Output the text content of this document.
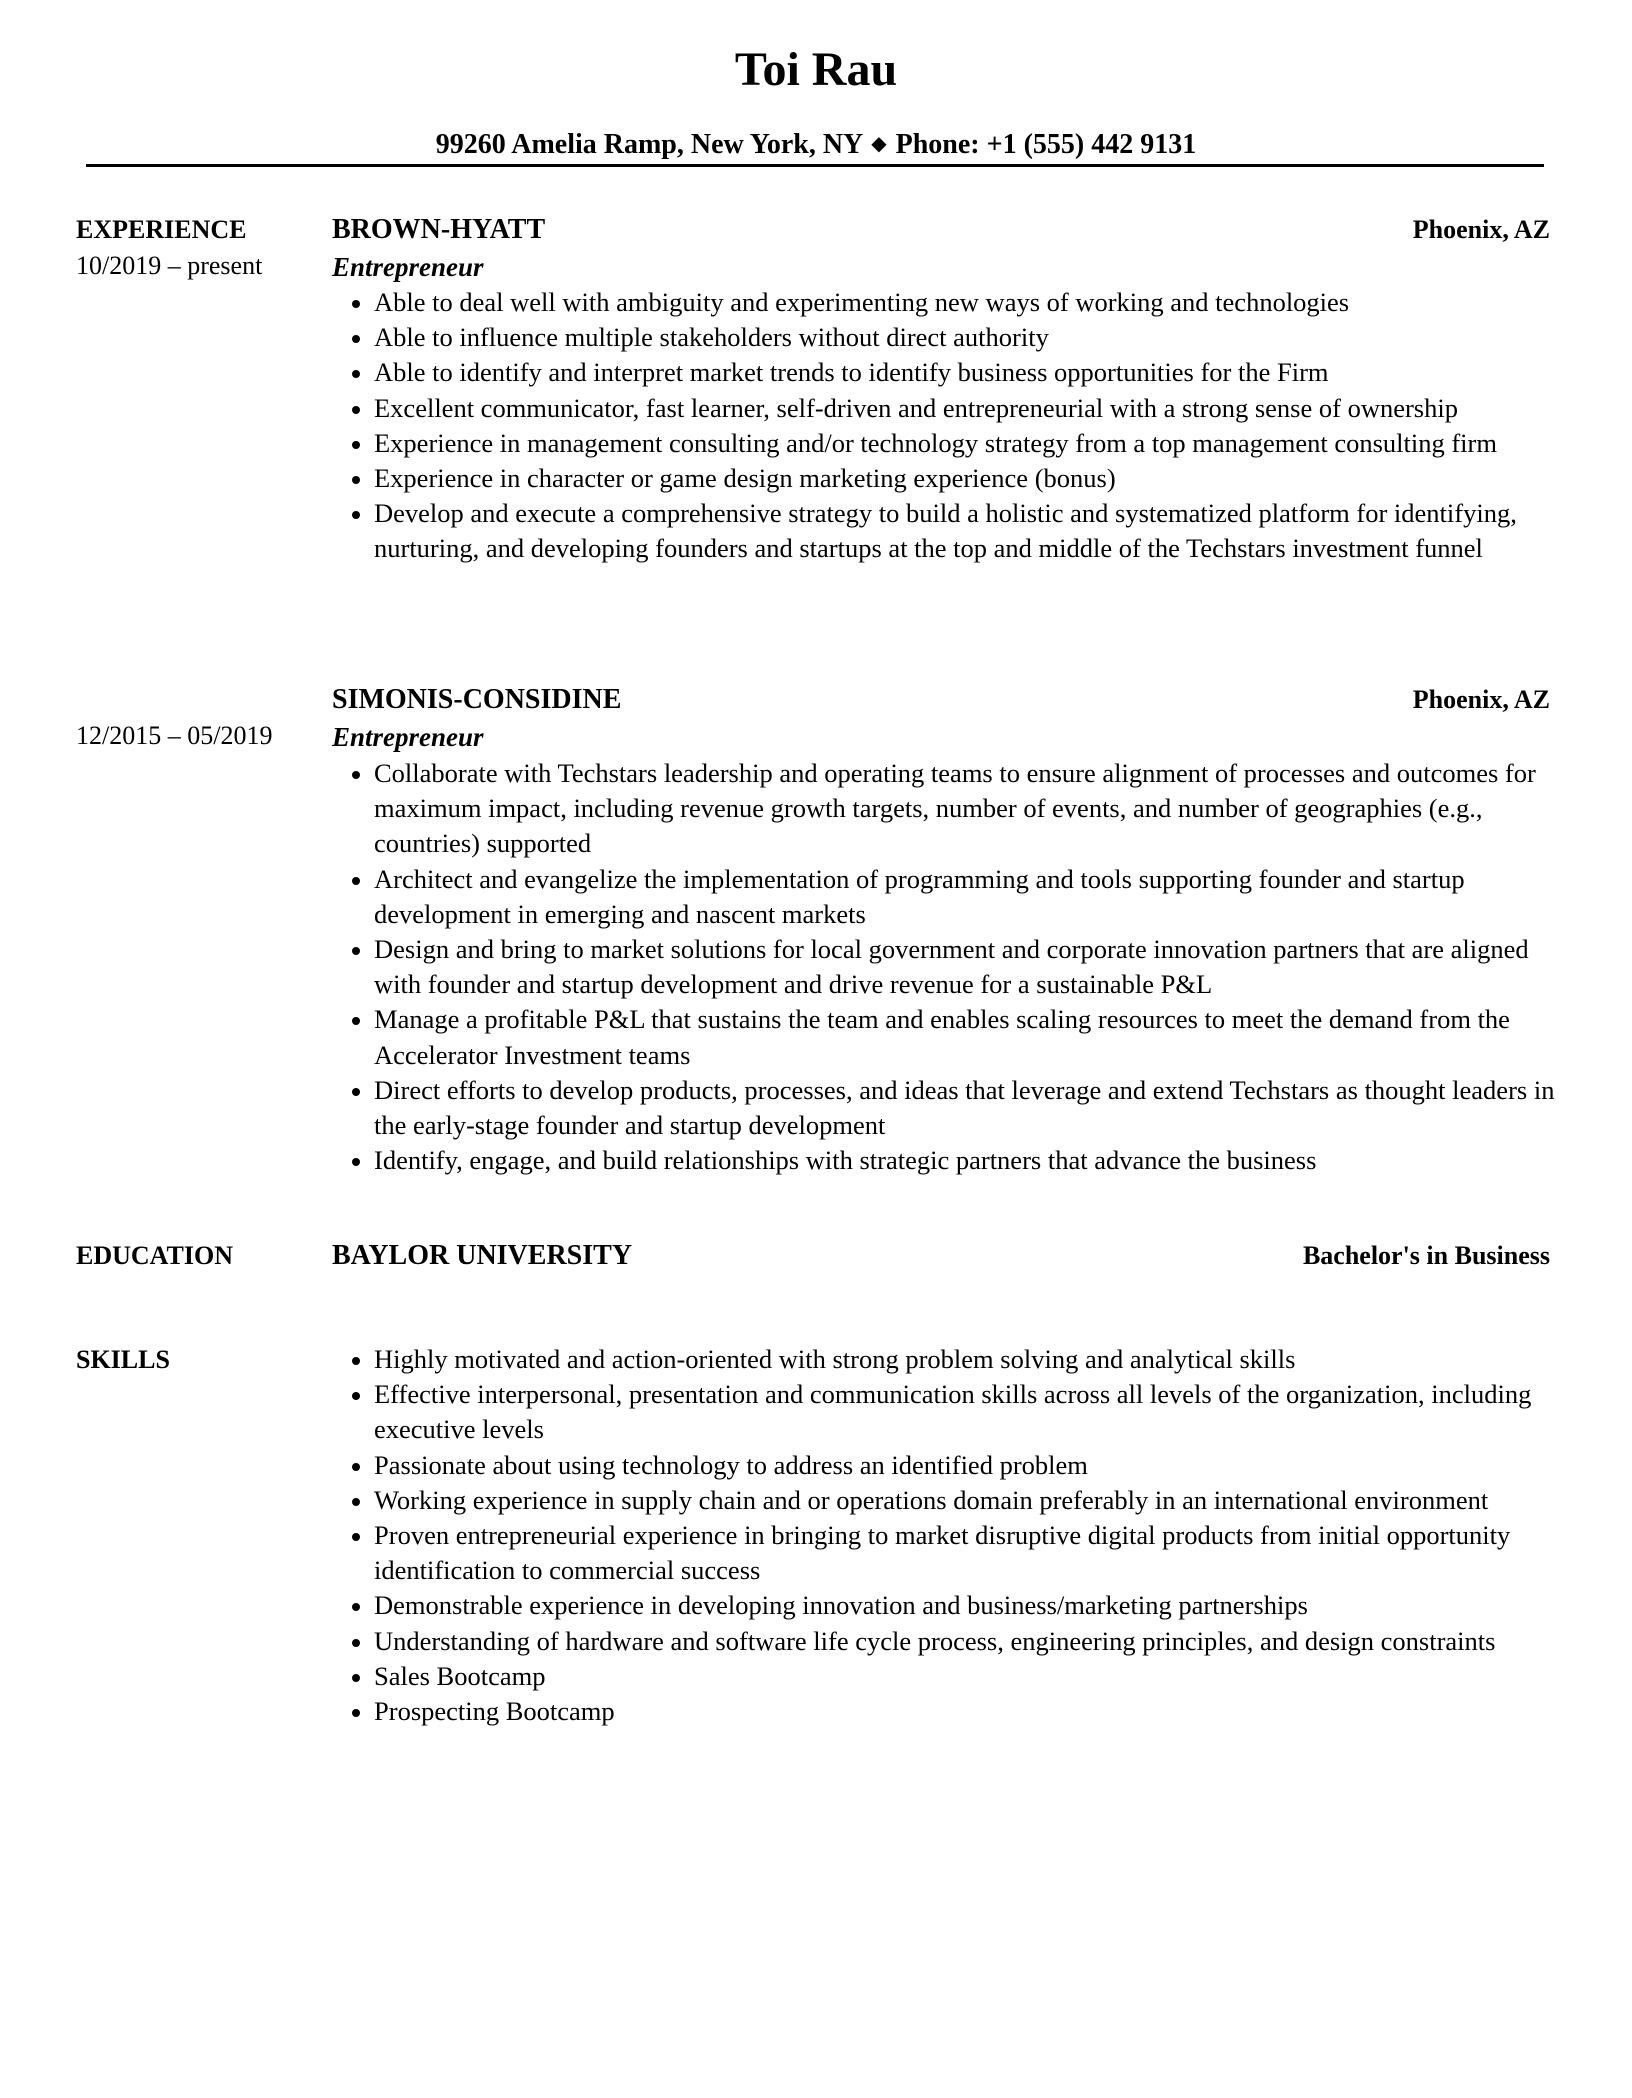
Toi Rau
99260 Amelia Ramp, New York, NY ◆ Phone: +1 (555) 442 9131
EXPERIENCE
10/2019 – present
BROWN-HYATT	Phoenix, AZ
Entrepreneur
Able to deal well with ambiguity and experimenting new ways of working and technologies
Able to influence multiple stakeholders without direct authority
Able to identify and interpret market trends to identify business opportunities for the Firm
Excellent communicator, fast learner, self-driven and entrepreneurial with a strong sense of ownership
Experience in management consulting and/or technology strategy from a top management consulting firm
Experience in character or game design marketing experience (bonus)
Develop and execute a comprehensive strategy to build a holistic and systematized platform for identifying, nurturing, and developing founders and startups at the top and middle of the Techstars investment funnel
12/2015 – 05/2019
SIMONIS-CONSIDINE	Phoenix, AZ
Entrepreneur
Collaborate with Techstars leadership and operating teams to ensure alignment of processes and outcomes for maximum impact, including revenue growth targets, number of events, and number of geographies (e.g., countries) supported
Architect and evangelize the implementation of programming and tools supporting founder and startup development in emerging and nascent markets
Design and bring to market solutions for local government and corporate innovation partners that are aligned with founder and startup development and drive revenue for a sustainable P&L
Manage a profitable P&L that sustains the team and enables scaling resources to meet the demand from the Accelerator Investment teams
Direct efforts to develop products, processes, and ideas that leverage and extend Techstars as thought leaders in the early-stage founder and startup development
Identify, engage, and build relationships with strategic partners that advance the business
EDUCATION	BAYLOR UNIVERSITY	Bachelor's in Business
SKILLS	Highly motivated and action-oriented with strong problem solving and analytical skills
Effective interpersonal, presentation and communication skills across all levels of the organization, including executive levels
Passionate about using technology to address an identified problem
Working experience in supply chain and or operations domain preferably in an international environment
Proven entrepreneurial experience in bringing to market disruptive digital products from initial opportunity identification to commercial success
Demonstrable experience in developing innovation and business/marketing partnerships
Understanding of hardware and software life cycle process, engineering principles, and design constraints
Sales Bootcamp
Prospecting Bootcamp
